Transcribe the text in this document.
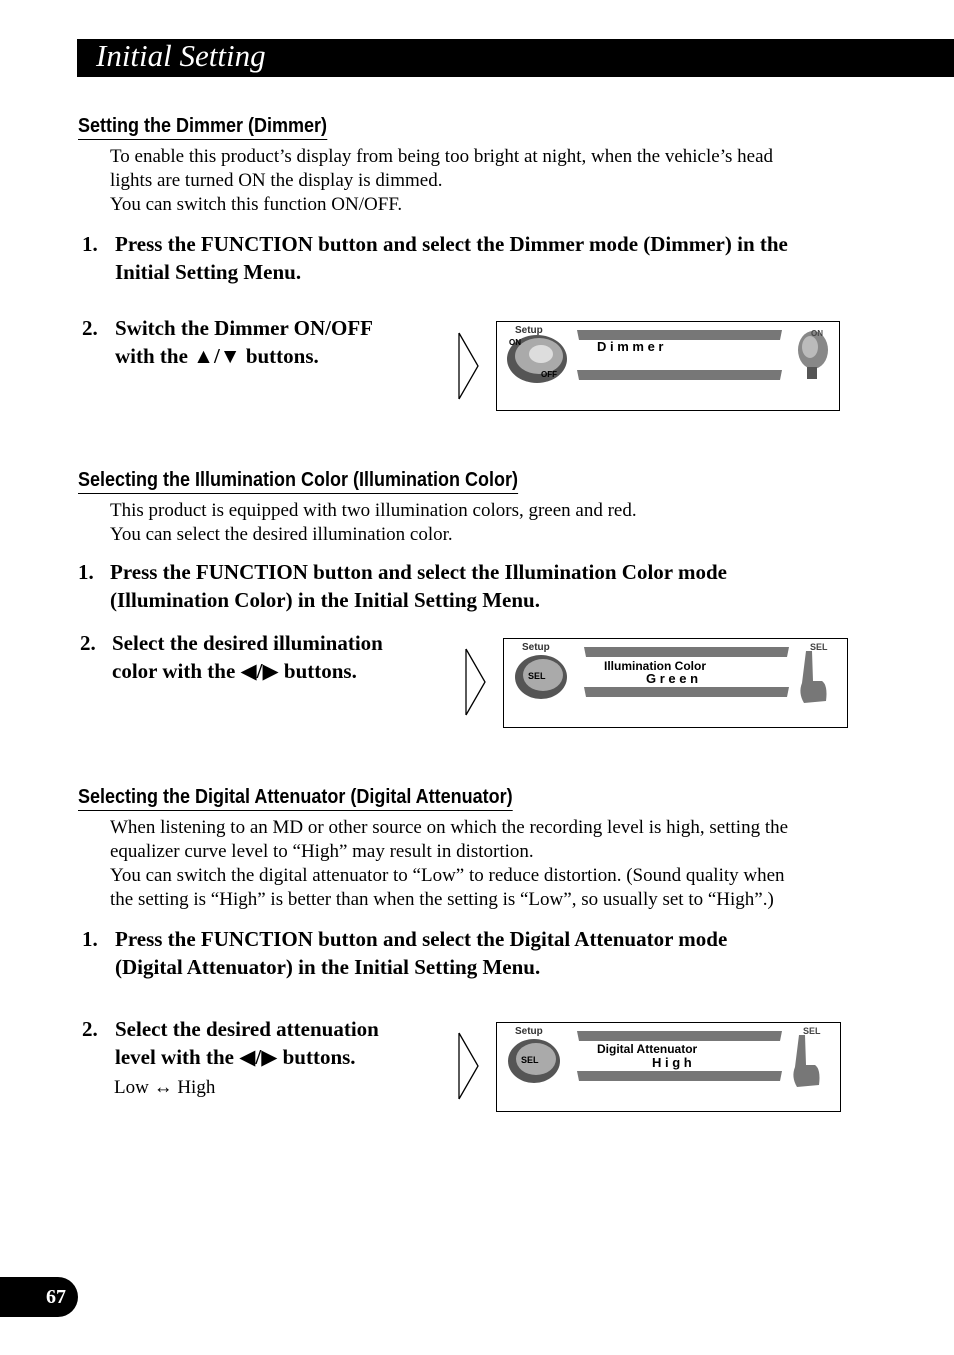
Initial Setting
Setting the Dimmer (Dimmer)
To enable this product’s display from being too bright at night, when the vehicle’s head
lights are turned ON the display is dimmed.
You can switch this function ON/OFF.
1. Press the FUNCTION button and select the Dimmer mode (Dimmer) in the
Initial Setting Menu.
2. Switch the Dimmer ON/OFF
with the ▲/▼ buttons.
Setup
ON
OFF
D i m m e r
ON
Selecting the Illumination Color (Illumination Color)
This product is equipped with two illumination colors, green and red.
You can select the desired illumination color.
1. Press the FUNCTION button and select the Illumination Color mode
(Illumination Color) in the Initial Setting Menu.
2. Select the desired illumination
color with the ◀/▶ buttons.
Setup
SEL
Illumination Color
G r e e n
SEL
Selecting the Digital Attenuator (Digital Attenuator)
When listening to an MD or other source on which the recording level is high, setting the
equalizer curve level to “High” may result in distortion.
You can switch the digital attenuator to “Low” to reduce distortion. (Sound quality when
the setting is “High” is better than when the setting is “Low”, so usually set to “High”.)
1. Press the FUNCTION button and select the Digital Attenuator mode
(Digital Attenuator) in the Initial Setting Menu.
2. Select the desired attenuation
level with the ◀/▶ buttons.
Low ↔ High
Setup
SEL
Digital Attenuator
H i g h
SEL
67
